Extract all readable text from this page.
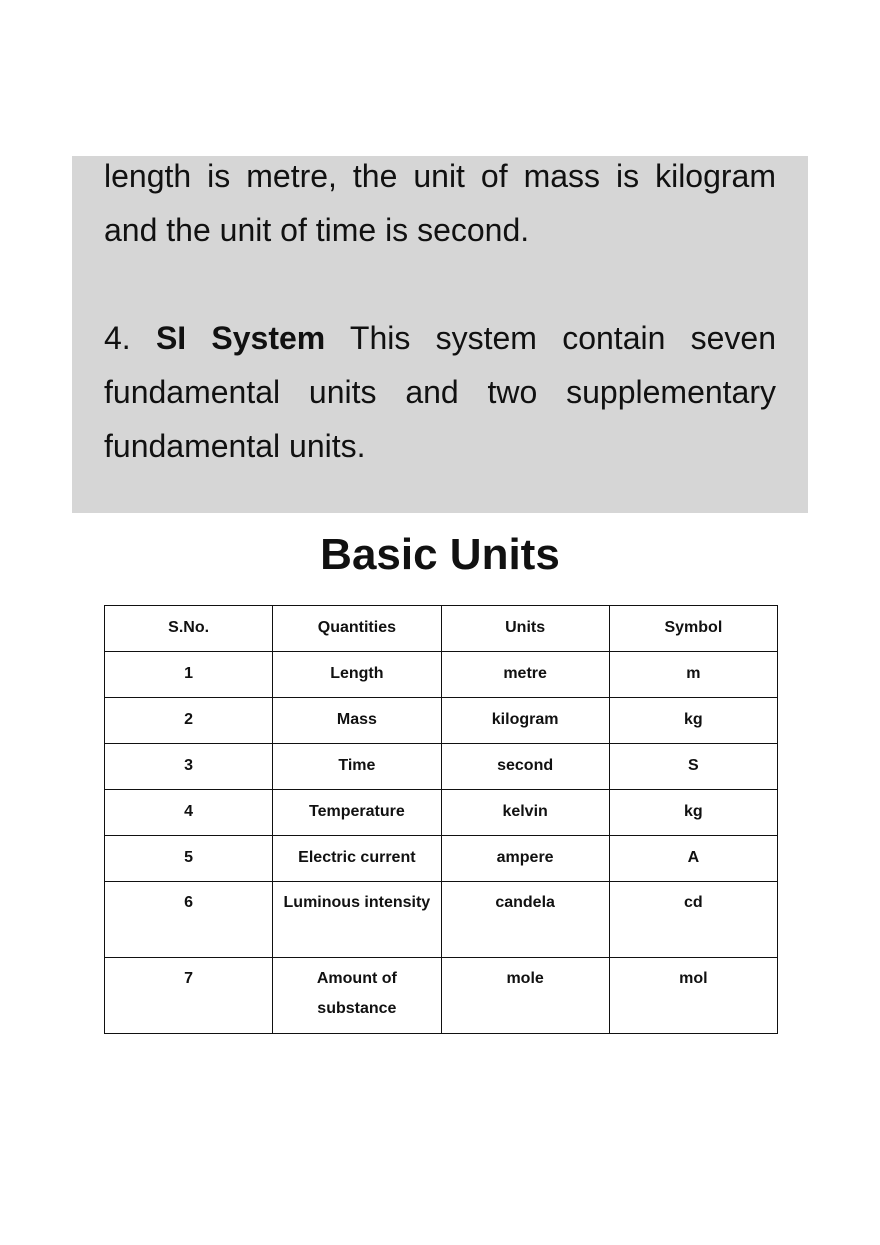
length is metre, the unit of mass is kilogram and the unit of time is second.

4. SI System This system contain seven fundamental units and two supplementary fundamental units.

Basic Units
S.No.	Quantities	Units	Symbol
1	Length	metre	m
2	Mass	kilogram	kg
3	Time	second	S
4	Temperature	kelvin	kg
5	Electric current	ampere	A
6	Luminous intensity	candela	cd
7	Amount of substance	mole	mol
